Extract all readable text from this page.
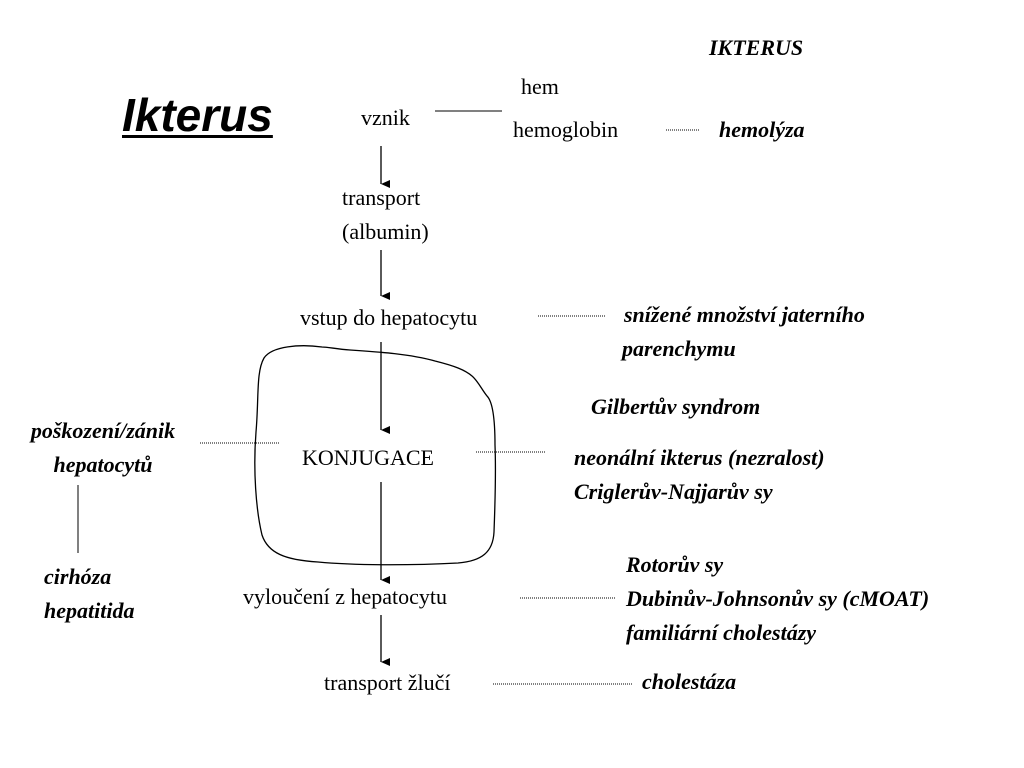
Ikterus
IKTERUS
vznik
hem
hemoglobin	hemolýza
transport
(albumin)
vstup do hepatocytu	snížené množství jaterního
parenchymu
Gilbertův syndrom
KONJUGACE	neonální ikterus (nezralost)
Criglerův-Najjarův sy
poškození/zánik
hepatocytů
cirhóza
hepatitida
vyloučení z hepatocytu
Rotorův sy
Dubinův-Johnsonův sy (cMOAT)
familiární cholestázy
transport žlučí	cholestáza
